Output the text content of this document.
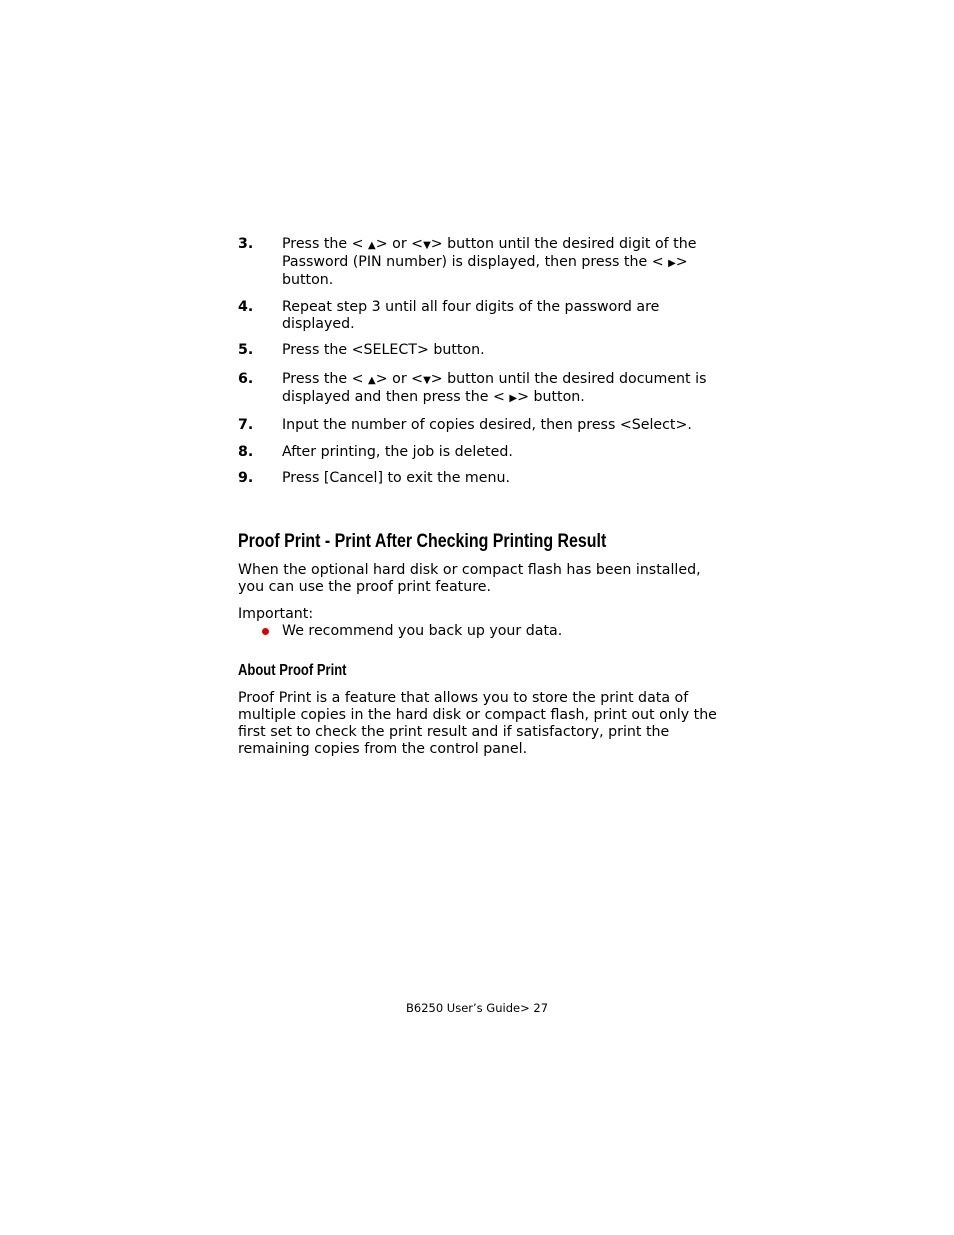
3. Press the < ▲> or <▼> button until the desired digit of the Password (PIN number) is displayed, then press the < ▶> button.
4. Repeat step 3 until all four digits of the password are displayed.
5. Press the <SELECT> button.
6. Press the < ▲> or <▼> button until the desired document is displayed and then press the < ▶> button.
7. Input the number of copies desired, then press <Select>.
8. After printing, the job is deleted.
9. Press [Cancel] to exit the menu.
Proof Print - Print After Checking Printing Result
When the optional hard disk or compact flash has been installed, you can use the proof print feature.
Important:
We recommend you back up your data.
About Proof Print
Proof Print is a feature that allows you to store the print data of multiple copies in the hard disk or compact flash, print out only the first set to check the print result and if satisfactory, print the remaining copies from the control panel.
B6250 User’s Guide> 27
